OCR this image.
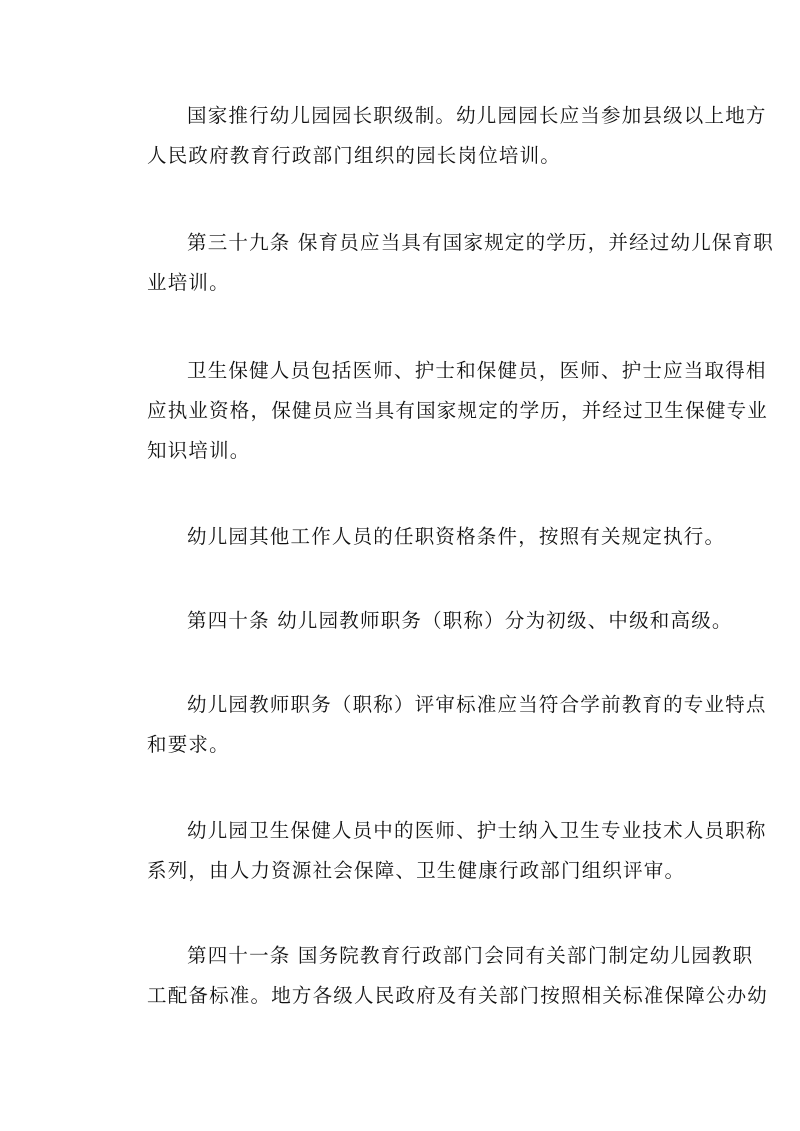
国家推行幼儿园园长职级制。幼儿园园长应当参加县级以上地方
人民政府教育行政部门组织的园长岗位培训。
第三十九条 保育员应当具有国家规定的学历，并经过幼儿保育职
业培训。
卫生保健人员包括医师、护士和保健员，医师、护士应当取得相
应执业资格，保健员应当具有国家规定的学历，并经过卫生保健专业
知识培训。
幼儿园其他工作人员的任职资格条件，按照有关规定执行。
第四十条 幼儿园教师职务（职称）分为初级、中级和高级。
幼儿园教师职务（职称）评审标准应当符合学前教育的专业特点
和要求。
幼儿园卫生保健人员中的医师、护士纳入卫生专业技术人员职称
系列，由人力资源社会保障、卫生健康行政部门组织评审。
第四十一条 国务院教育行政部门会同有关部门制定幼儿园教职
工配备标准。地方各级人民政府及有关部门按照相关标准保障公办幼
